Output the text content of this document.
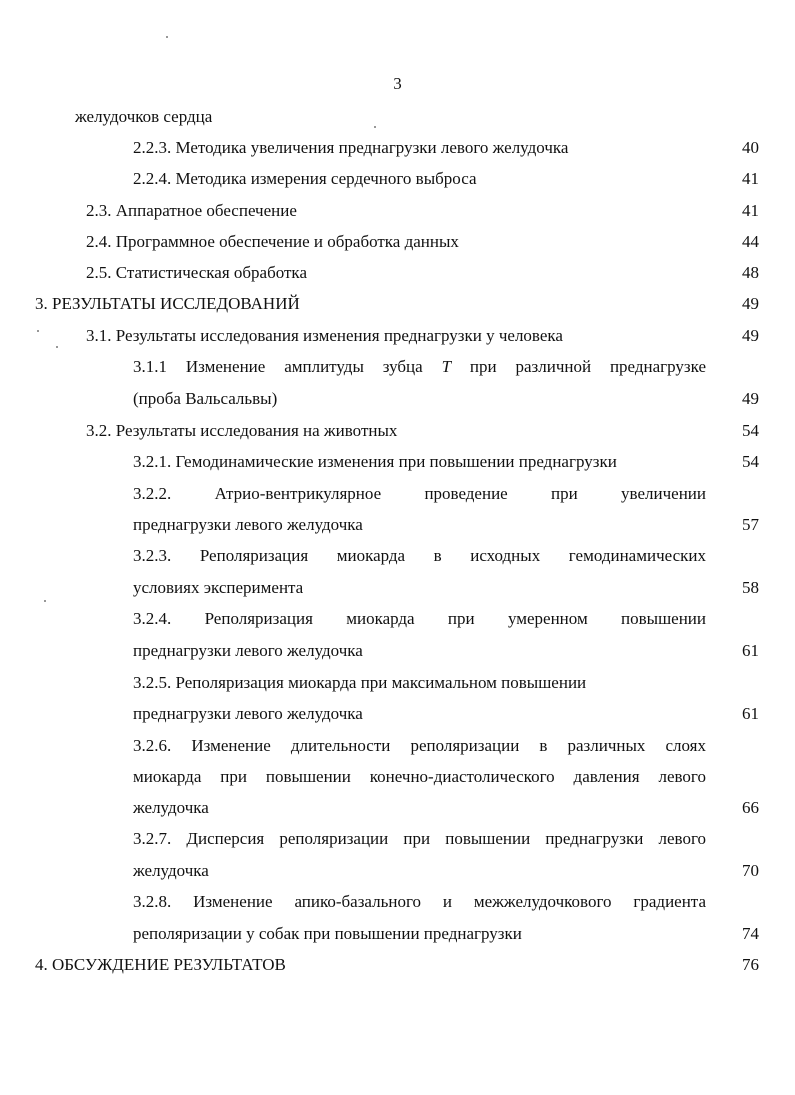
3
желудочков сердца
2.2.3. Методика увеличения преднагрузки левого желудочка	40
2.2.4. Методика измерения сердечного выброса	41
2.3. Аппаратное обеспечение	41
2.4. Программное обеспечение и обработка данных	44
2.5. Статистическая обработка	48
3. РЕЗУЛЬТАТЫ ИССЛЕДОВАНИЙ	49
3.1. Результаты исследования изменения преднагрузки у человека	49
3.1.1 Изменение амплитуды зубца T при различной преднагрузке
(проба Вальсальвы)	49
3.2. Результаты исследования на животных	54
3.2.1. Гемодинамические изменения при повышении преднагрузки	54
3.2.2. Атрио-вентрикулярное проведение при увеличении
преднагрузки левого желудочка	57
3.2.3. Реполяризация миокарда в исходных гемодинамических
условиях эксперимента	58
3.2.4. Реполяризация миокарда при умеренном повышении
преднагрузки левого желудочка	61
3.2.5. Реполяризация миокарда при максимальном повышении
преднагрузки левого желудочка	61
3.2.6. Изменение длительности реполяризации в различных слоях
миокарда при повышении конечно-диастолического давления левого
желудочка	66
3.2.7. Дисперсия реполяризации при повышении преднагрузки левого
желудочка	70
3.2.8. Изменение апико-базального и межжелудочкового градиента
реполяризации у собак при повышении преднагрузки	74
4. ОБСУЖДЕНИЕ РЕЗУЛЬТАТОВ	76
